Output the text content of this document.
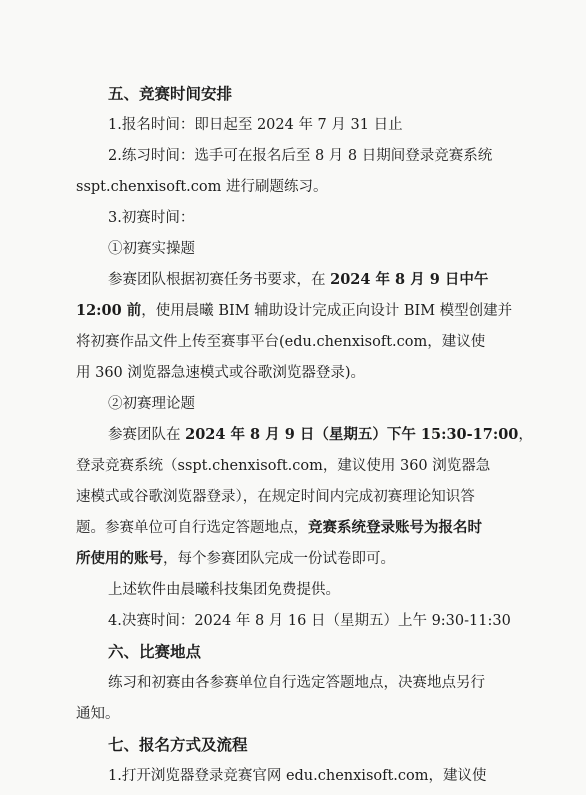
五、竞赛时间安排
1.报名时间：即日起至 2024 年 7 月 31 日止
2.练习时间：选手可在报名后至 8 月 8 日期间登录竞赛系统
sspt.chenxisoft.com 进行刷题练习。
3.初赛时间：
①初赛实操题
参赛团队根据初赛任务书要求，在 2024 年 8 月 9 日中午
12:00 前，使用晨曦 BIM 辅助设计完成正向设计 BIM 模型创建并
将初赛作品文件上传至赛事平台(edu.chenxisoft.com，建议使
用 360 浏览器急速模式或谷歌浏览器登录)。
②初赛理论题
参赛团队在 2024 年 8 月 9 日（星期五）下午 15:30-17:00，
登录竞赛系统（sspt.chenxisoft.com，建议使用 360 浏览器急
速模式或谷歌浏览器登录），在规定时间内完成初赛理论知识答
题。参赛单位可自行选定答题地点，竞赛系统登录账号为报名时
所使用的账号，每个参赛团队完成一份试卷即可。
上述软件由晨曦科技集团免费提供。
4.决赛时间：2024 年 8 月 16 日（星期五）上午 9:30-11:30
六、比赛地点
练习和初赛由各参赛单位自行选定答题地点，决赛地点另行
通知。
七、报名方式及流程
1.打开浏览器登录竞赛官网 edu.chenxisoft.com，建议使
